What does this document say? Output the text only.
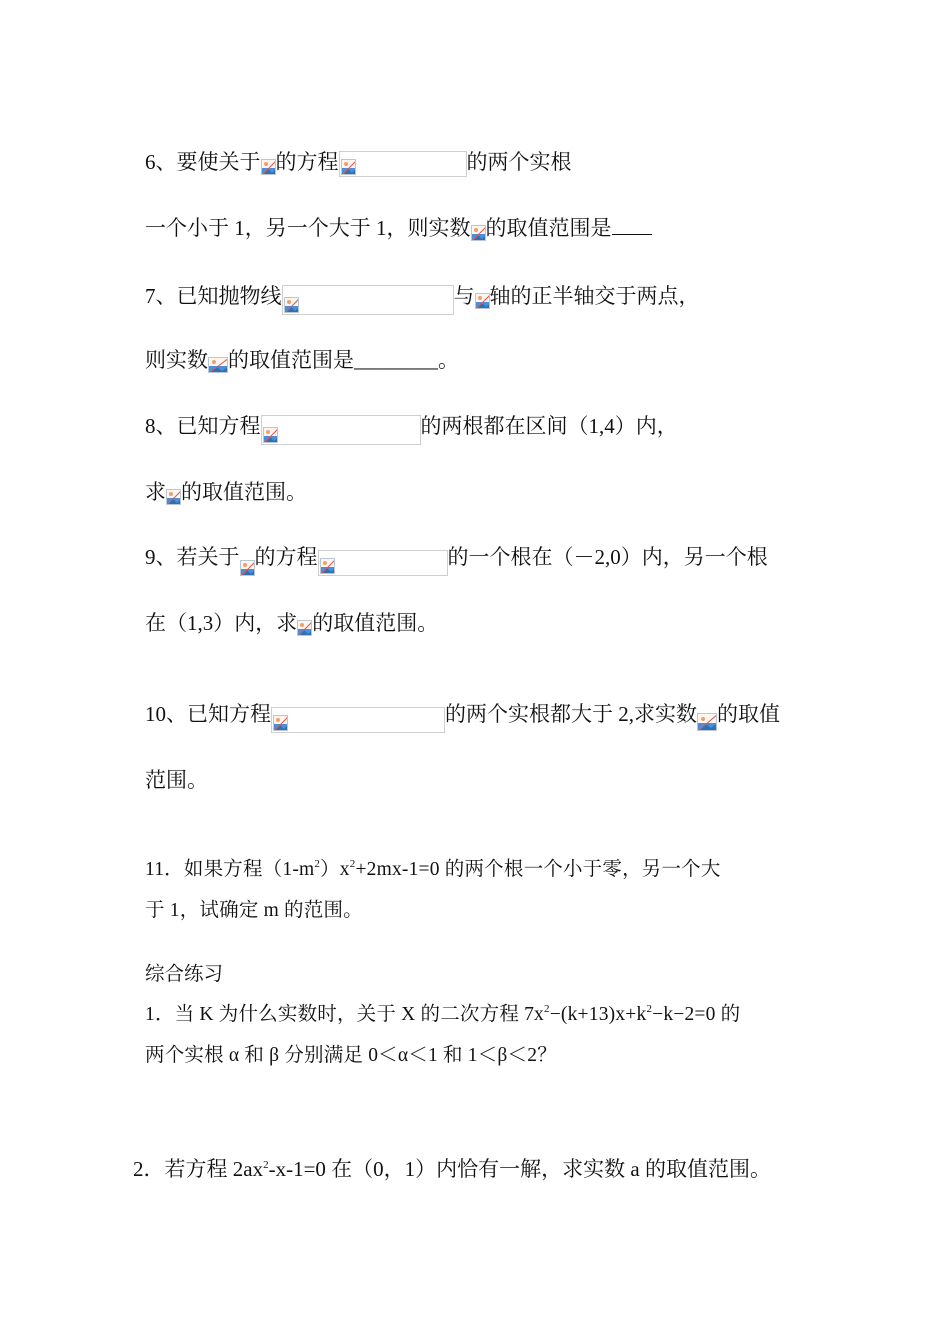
6、要使关于 的方程	的两个实根
一个小于 1，另一个大于 1，则实数 的取值范围是
7、已知抛物线	与 轴的正半轴交于两点，
则实数 的取值范围是________。
8、已知方程	的两根都在区间（1,4）内，
求 的取值范围。
9、若关于 的方程	的一个根在（－2,0）内，另一个根
在（1,3）内，求 的取值范围。
10、已知方程	的两个实根都大于 2,求实数 的取值
范围。
11．如果方程$(1-m^2)x^2+2mx-1=0$ 的两个根一个小于零，另一个大
于 1，试确定 m 的范围。
综合练习
1．当 K 为什么实数时，关于 X 的二次方程 $7x^2-(k+13)x+k^2-k-2=0$ 的
两个实根 α 和 β 分别满足 0＜α＜1 和 1＜β＜2？
2．若方程 $2ax^2-x-1=0$ 在（0，1）内恰有一解，求实数 a 的取值范围。
